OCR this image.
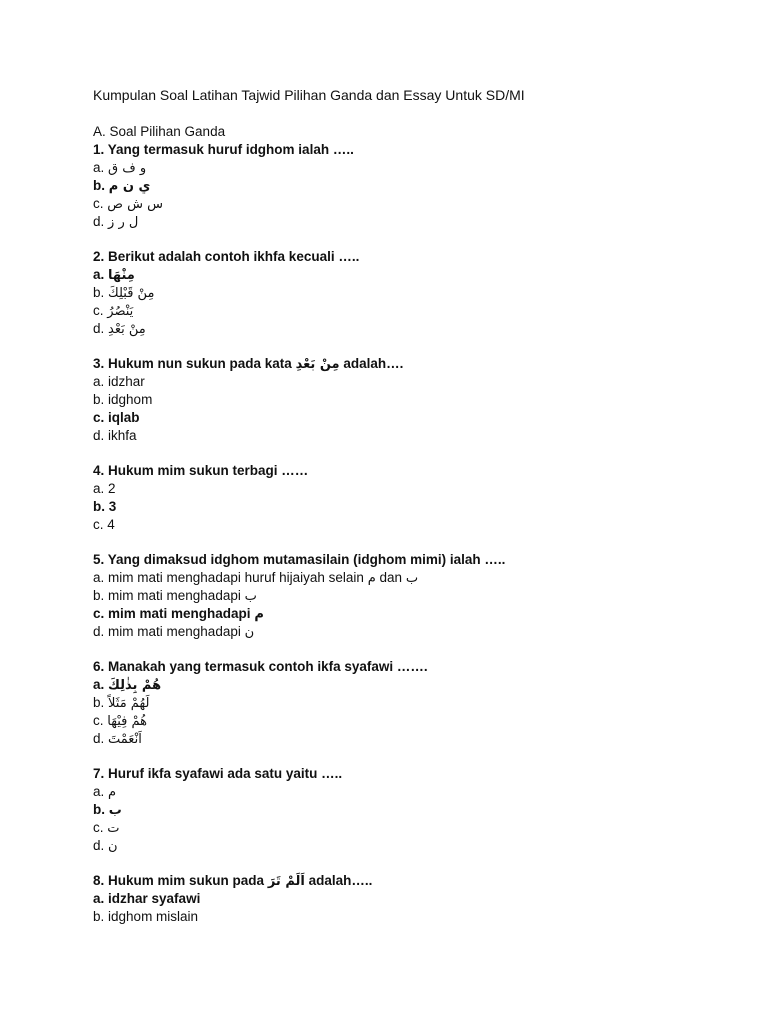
Kumpulan Soal Latihan Tajwid Pilihan Ganda dan Essay Untuk SD/MI
A. Soal Pilihan Ganda
1. Yang termasuk huruf idghom ialah …..
a. و ف ق
b. ي ن م
c. س ش ص
d. ل ر ز
2. Berikut adalah contoh ikhfa kecuali …..
a. مِنْهَا
b. مِنْ قَبْلِكَ
c. يَنْصُرُ
d. مِنْ بَعْدِ
3. Hukum nun sukun pada kata مِنْ بَعْدِ adalah….
a. idzhar
b. idghom
c. iqlab
d. ikhfa
4. Hukum mim sukun terbagi ……
a. 2
b. 3
c. 4
5. Yang dimaksud idghom mutamasilain (idghom mimi) ialah …..
a. mim mati menghadapi huruf hijaiyah selain م dan ب
b. mim mati menghadapi ب
c. mim mati menghadapi م
d. mim mati menghadapi ن
6. Manakah yang termasuk contoh ikfa syafawi …….
a. هُمْ بِذٰلِكَ
b. لَهُمْ مَثَلاً
c. هُمْ فِيْهَا
d. اَنْعَمْتَ
7. Huruf ikfa syafawi ada satu yaitu …..
a. م
b. ب
c. ت
d. ن
8. Hukum mim sukun pada اَلَمْ تَرَ adalah…..
a. idzhar syafawi
b. idghom mislain
